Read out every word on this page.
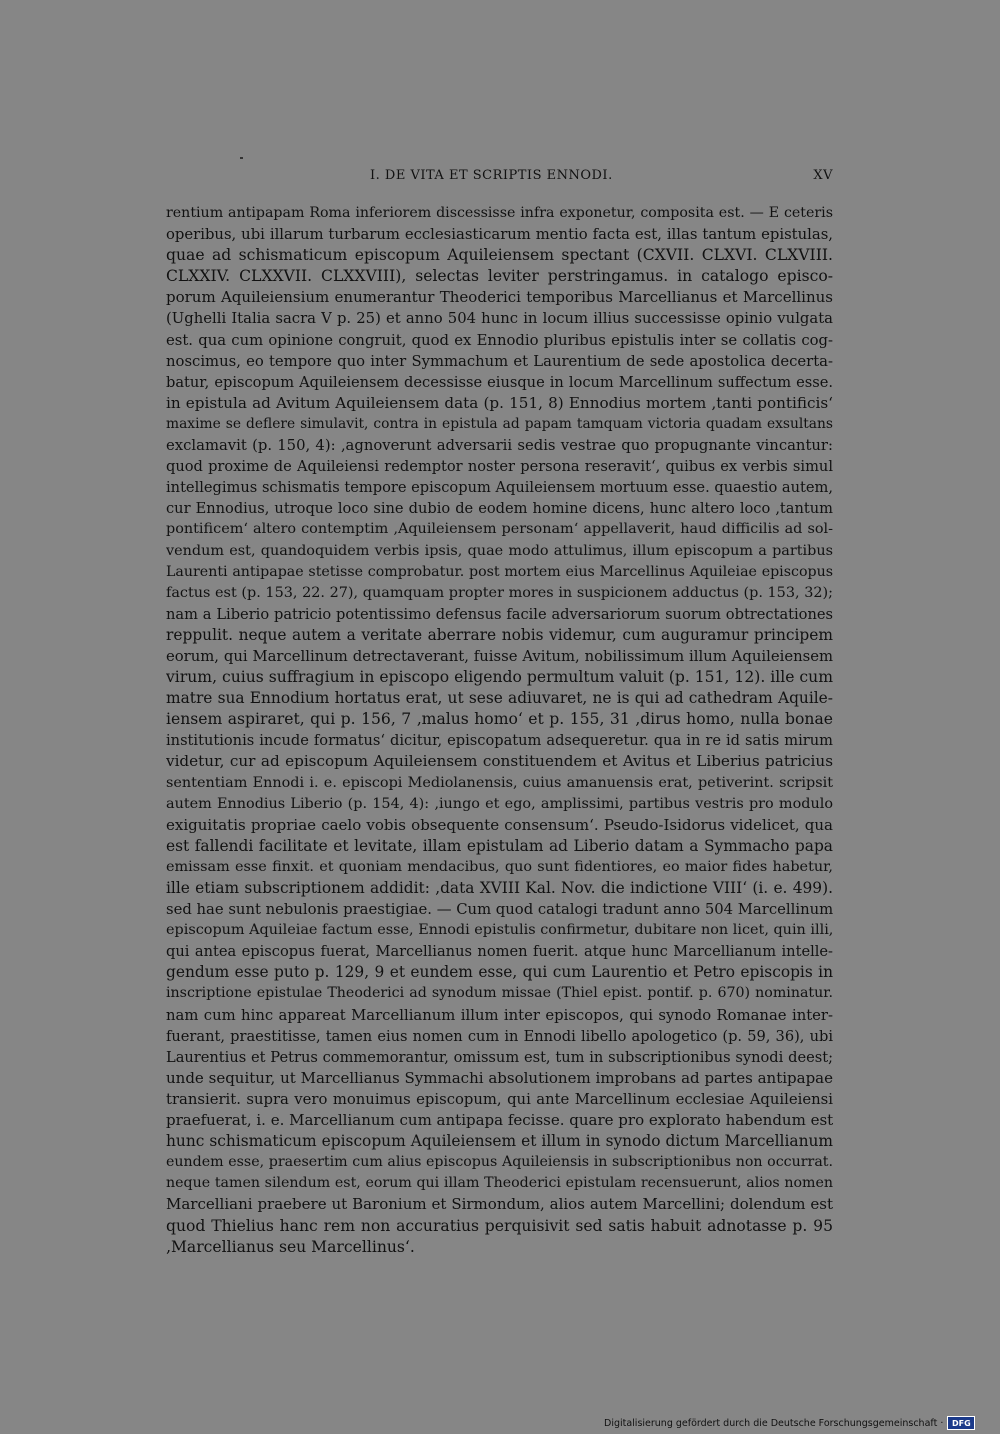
I. DE VITA ET SCRIPTIS ENNODI.	XV
rentium antipapam Roma inferiorem discessisse infra exponetur, composita est. — E ceteris
operibus, ubi illarum turbarum ecclesiasticarum mentio facta est, illas tantum epistulas,
quae ad schismaticum episcopum Aquileiensem spectant (CXVII. CLXVI. CLXVIII.
CLXXIV. CLXXVII. CLXXVIII), selectas leviter perstringamus. in catalogo episco-
porum Aquileiensium enumerantur Theoderici temporibus Marcellianus et Marcellinus
(Ughelli Italia sacra V p. 25) et anno 504 hunc in locum illius successisse opinio vulgata
est. qua cum opinione congruit, quod ex Ennodio pluribus epistulis inter se collatis cog-
noscimus, eo tempore quo inter Symmachum et Laurentium de sede apostolica decerta-
batur, episcopum Aquileiensem decessisse eiusque in locum Marcellinum suffectum esse.
in epistula ad Avitum Aquileiensem data (p. 151, 8) Ennodius mortem ‚tanti pontificis‘
maxime se deflere simulavit, contra in epistula ad papam tamquam victoria quadam exsultans
exclamavit (p. 150, 4): ‚agnoverunt adversarii sedis vestrae quo propugnante vincantur:
quod proxime de Aquileiensi redemptor noster persona reseravit‘, quibus ex verbis simul
intellegimus schismatis tempore episcopum Aquileiensem mortuum esse. quaestio autem,
cur Ennodius, utroque loco sine dubio de eodem homine dicens, hunc altero loco ‚tantum
pontificem‘ altero contemptim ‚Aquileiensem personam‘ appellaverit, haud difficilis ad sol-
vendum est, quandoquidem verbis ipsis, quae modo attulimus, illum episcopum a partibus
Laurenti antipapae stetisse comprobatur. post mortem eius Marcellinus Aquileiae episcopus
factus est (p. 153, 22. 27), quamquam propter mores in suspicionem adductus (p. 153, 32);
nam a Liberio patricio potentissimo defensus facile adversariorum suorum obtrectationes
reppulit. neque autem a veritate aberrare nobis videmur, cum auguramur principem
eorum, qui Marcellinum detrectaverant, fuisse Avitum, nobilissimum illum Aquileiensem
virum, cuius suffragium in episcopo eligendo permultum valuit (p. 151, 12). ille cum
matre sua Ennodium hortatus erat, ut sese adiuvaret, ne is qui ad cathedram Aquile-
iensem aspiraret, qui p. 156, 7 ‚malus homo‘ et p. 155, 31 ‚dirus homo, nulla bonae
institutionis incude formatus‘ dicitur, episcopatum adsequeretur. qua in re id satis mirum
videtur, cur ad episcopum Aquileiensem constituendem et Avitus et Liberius patricius
sententiam Ennodi i. e. episcopi Mediolanensis, cuius amanuensis erat, petiverint. scripsit
autem Ennodius Liberio (p. 154, 4): ‚iungo et ego, amplissimi, partibus vestris pro modulo
exiguitatis propriae caelo vobis obsequente consensum‘. Pseudo-Isidorus videlicet, qua
est fallendi facilitate et levitate, illam epistulam ad Liberio datam a Symmacho papa
emissam esse finxit. et quoniam mendacibus, quo sunt fidentiores, eo maior fides habetur,
ille etiam subscriptionem addidit: ‚data XVIII Kal. Nov. die indictione VIII‘ (i. e. 499).
sed hae sunt nebulonis praestigiae. — Cum quod catalogi tradunt anno 504 Marcellinum
episcopum Aquileiae factum esse, Ennodi epistulis confirmetur, dubitare non licet, quin illi,
qui antea episcopus fuerat, Marcellianus nomen fuerit. atque hunc Marcellianum intelle-
gendum esse puto p. 129, 9 et eundem esse, qui cum Laurentio et Petro episcopis in
inscriptione epistulae Theoderici ad synodum missae (Thiel epist. pontif. p. 670) nominatur.
nam cum hinc appareat Marcellianum illum inter episcopos, qui synodo Romanae inter-
fuerant, praestitisse, tamen eius nomen cum in Ennodi libello apologetico (p. 59, 36), ubi
Laurentius et Petrus commemorantur, omissum est, tum in subscriptionibus synodi deest;
unde sequitur, ut Marcellianus Symmachi absolutionem improbans ad partes antipapae
transierit. supra vero monuimus episcopum, qui ante Marcellinum ecclesiae Aquileiensi
praefuerat, i. e. Marcellianum cum antipapa fecisse. quare pro explorato habendum est
hunc schismaticum episcopum Aquileiensem et illum in synodo dictum Marcellianum
eundem esse, praesertim cum alius episcopus Aquileiensis in subscriptionibus non occurrat.
neque tamen silendum est, eorum qui illam Theoderici epistulam recensuerunt, alios nomen
Marcelliani praebere ut Baronium et Sirmondum, alios autem Marcellini; dolendum est
quod Thielius hanc rem non accuratius perquisivit sed satis habuit adnotasse p. 95
‚Marcellianus seu Marcellinus‘.
Digitalisierung gefördert durch die Deutsche Forschungsgemeinschaft ·	DFG
